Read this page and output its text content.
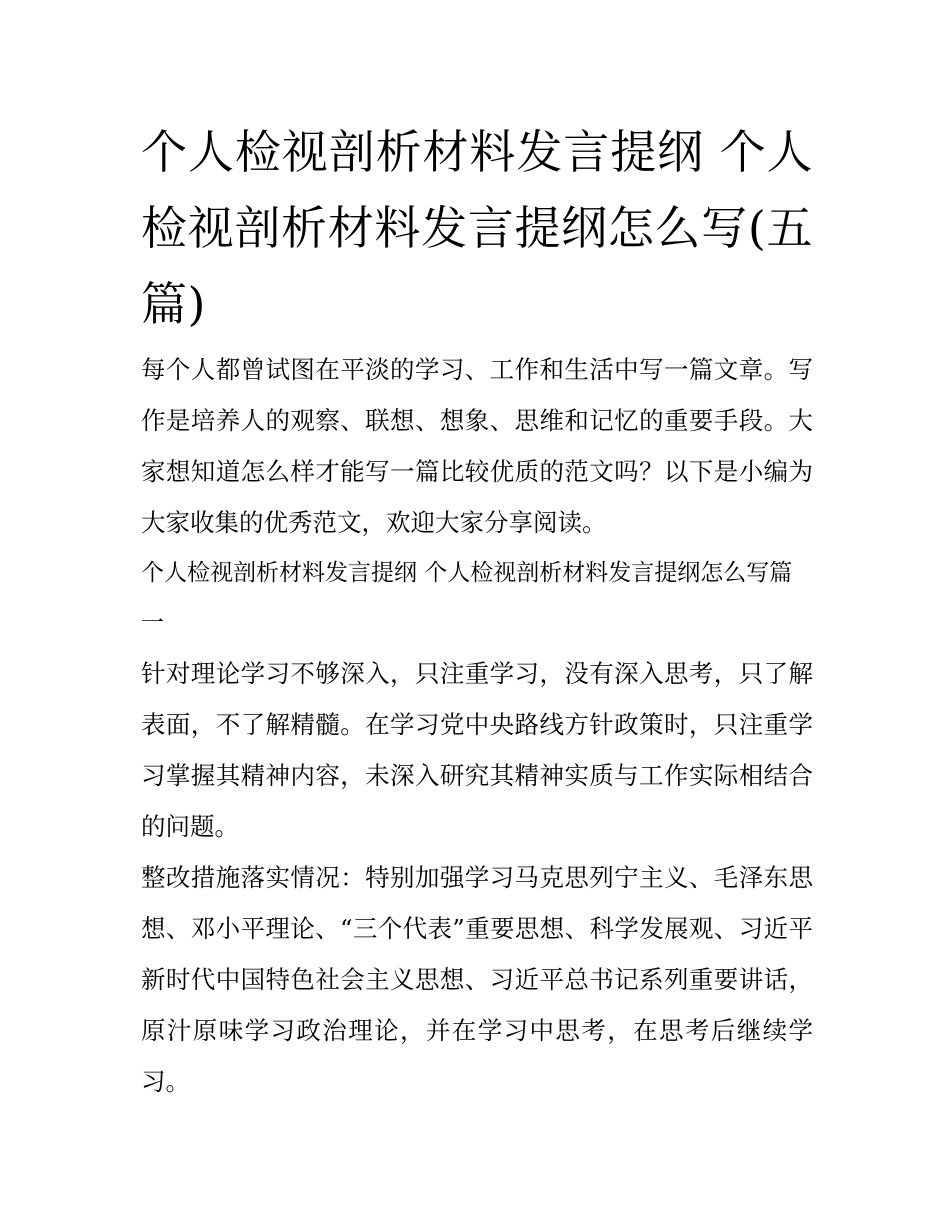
个人检视剖析材料发言提纲 个人检视剖析材料发言提纲怎么写(五篇)

每个人都曾试图在平淡的学习、工作和生活中写一篇文章。写作是培养人的观察、联想、想象、思维和记忆的重要手段。大家想知道怎么样才能写一篇比较优质的范文吗？以下是小编为大家收集的优秀范文，欢迎大家分享阅读。

个人检视剖析材料发言提纲 个人检视剖析材料发言提纲怎么写篇一

针对理论学习不够深入，只注重学习，没有深入思考，只了解表面，不了解精髓。在学习党中央路线方针政策时，只注重学习掌握其精神内容，未深入研究其精神实质与工作实际相结合的问题。

整改措施落实情况：特别加强学习马克思列宁主义、毛泽东思想、邓小平理论、“三个代表”重要思想、科学发展观、习近平新时代中国特色社会主义思想、习近平总书记系列重要讲话，原汁原味学习政治理论，并在学习中思考，在思考后继续学习。
